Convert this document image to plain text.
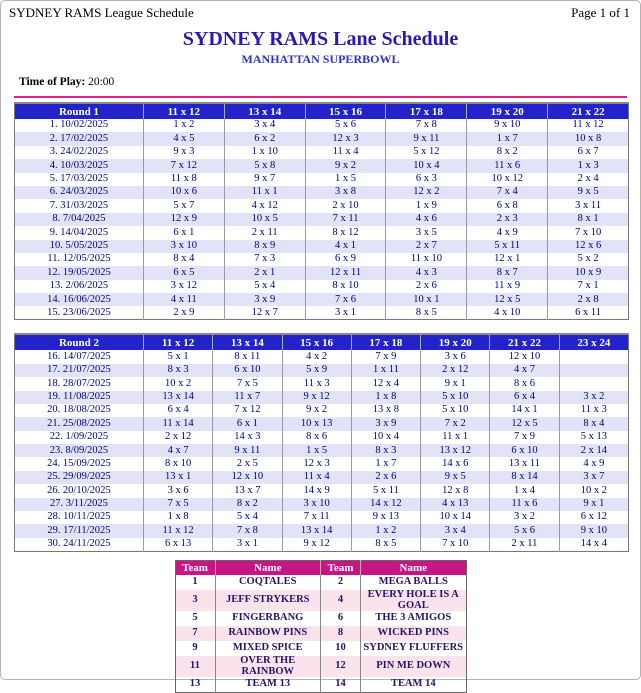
SYDNEY RAMS League Schedule	Page 1 of 1
SYDNEY RAMS Lane Schedule
MANHATTAN SUPERBOWL
Time of Play: 20:00
Round 1	11 x 12	13 x 14	15 x 16	17 x 18	19 x 20	21 x 22
1. 10/02/2025	1 x 2	3 x 4	5 x 6	7 x 8	9 x 10	11 x 12
2. 17/02/2025	4 x 5	6 x 2	12 x 3	9 x 11	1 x 7	10 x 8
3. 24/02/2025	9 x 3	1 x 10	11 x 4	5 x 12	8 x 2	6 x 7
4. 10/03/2025	7 x 12	5 x 8	9 x 2	10 x 4	11 x 6	1 x 3
5. 17/03/2025	11 x 8	9 x 7	1 x 5	6 x 3	10 x 12	2 x 4
6. 24/03/2025	10 x 6	11 x 1	3 x 8	12 x 2	7 x 4	9 x 5
7. 31/03/2025	5 x 7	4 x 12	2 x 10	1 x 9	6 x 8	3 x 11
8. 7/04/2025	12 x 9	10 x 5	7 x 11	4 x 6	2 x 3	8 x 1
9. 14/04/2025	6 x 1	2 x 11	8 x 12	3 x 5	4 x 9	7 x 10
10. 5/05/2025	3 x 10	8 x 9	4 x 1	2 x 7	5 x 11	12 x 6
11. 12/05/2025	8 x 4	7 x 3	6 x 9	11 x 10	12 x 1	5 x 2
12. 19/05/2025	6 x 5	2 x 1	12 x 11	4 x 3	8 x 7	10 x 9
13. 2/06/2025	3 x 12	5 x 4	8 x 10	2 x 6	11 x 9	7 x 1
14. 16/06/2025	4 x 11	3 x 9	7 x 6	10 x 1	12 x 5	2 x 8
15. 23/06/2025	2 x 9	12 x 7	3 x 1	8 x 5	4 x 10	6 x 11
Round 2	11 x 12	13 x 14	15 x 16	17 x 18	19 x 20	21 x 22	23 x 24
16. 14/07/2025	5 x 1	8 x 11	4 x 2	7 x 9	3 x 6	12 x 10	
17. 21/07/2025	8 x 3	6 x 10	5 x 9	1 x 11	2 x 12	4 x 7	
18. 28/07/2025	10 x 2	7 x 5	11 x 3	12 x 4	9 x 1	8 x 6	
19. 11/08/2025	13 x 14	11 x 7	9 x 12	1 x 8	5 x 10	6 x 4	3 x 2
20. 18/08/2025	6 x 4	7 x 12	9 x 2	13 x 8	5 x 10	14 x 1	11 x 3
21. 25/08/2025	11 x 14	6 x 1	10 x 13	3 x 9	7 x 2	12 x 5	8 x 4
22. 1/09/2025	2 x 12	14 x 3	8 x 6	10 x 4	11 x 1	7 x 9	5 x 13
23. 8/09/2025	4 x 7	9 x 11	1 x 5	8 x 3	13 x 12	6 x 10	2 x 14
24. 15/09/2025	8 x 10	2 x 5	12 x 3	1 x 7	14 x 6	13 x 11	4 x 9
25. 29/09/2025	13 x 1	12 x 10	11 x 4	2 x 6	9 x 5	8 x 14	3 x 7
26. 20/10/2025	3 x 6	13 x 7	14 x 9	5 x 11	12 x 8	1 x 4	10 x 2
27. 3/11/2025	7 x 5	8 x 2	3 x 10	14 x 12	4 x 13	11 x 6	9 x 1
28. 10/11/2025	1 x 8	5 x 4	7 x 11	9 x 13	10 x 14	3 x 2	6 x 12
29. 17/11/2025	11 x 12	7 x 8	13 x 14	1 x 2	3 x 4	5 x 6	9 x 10
30. 24/11/2025	6 x 13	3 x 1	9 x 12	8 x 5	7 x 10	2 x 11	14 x 4
Team	Name	Team	Name
1	COQTALES	2	MEGA BALLS
3	JEFF STRYKERS	4	EVERY HOLE IS A GOAL
5	FINGERBANG	6	THE 3 AMIGOS
7	RAINBOW PINS	8	WICKED PINS
9	MIXED SPICE	10	SYDNEY FLUFFERS
11	OVER THE RAINBOW	12	PIN ME DOWN
13	TEAM 13	14	TEAM 14
